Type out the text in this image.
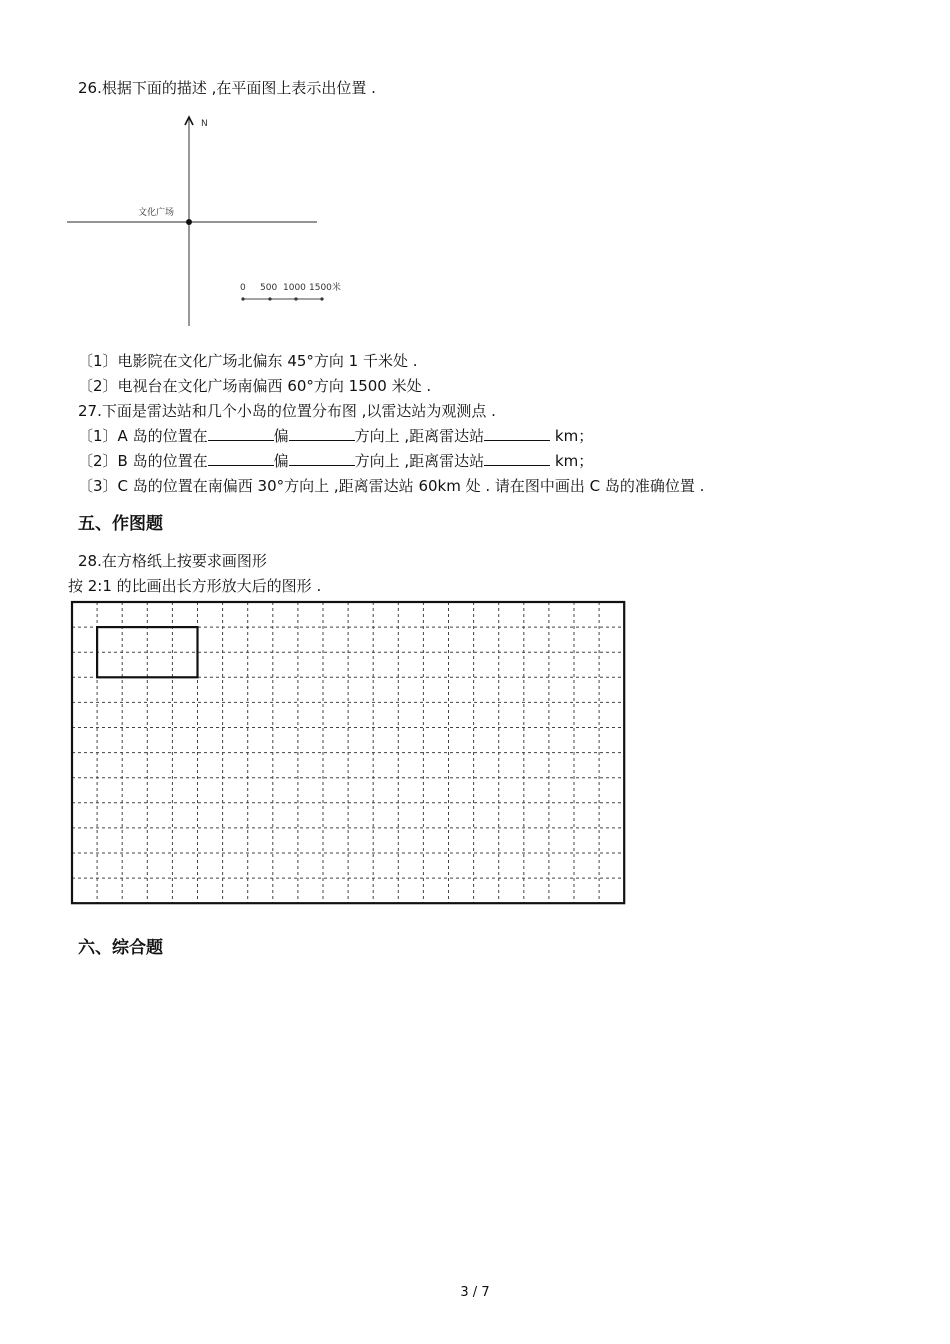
26.根据下面的描述 ,在平面图上表示出位置 .
N
文化广场
0 500 1000 1500米
〔1〕电影院在文化广场北偏东 45°方向 1 千米处 .
〔2〕电视台在文化广场南偏西 60°方向 1500 米处 .
27.下面是雷达站和几个小岛的位置分布图 ,以雷达站为观测点 .
〔1〕A 岛的位置在	偏	方向上 ,距离雷达站	km；
〔2〕B 岛的位置在	偏	方向上 ,距离雷达站	km；
〔3〕C 岛的位置在南偏西 30°方向上 ,距离雷达站 60km 处 . 请在图中画出 C 岛的准确位置 .
五、作图题
28.在方格纸上按要求画图形
按 2:1 的比画出长方形放大后的图形 .
六、综合题
3 / 7
